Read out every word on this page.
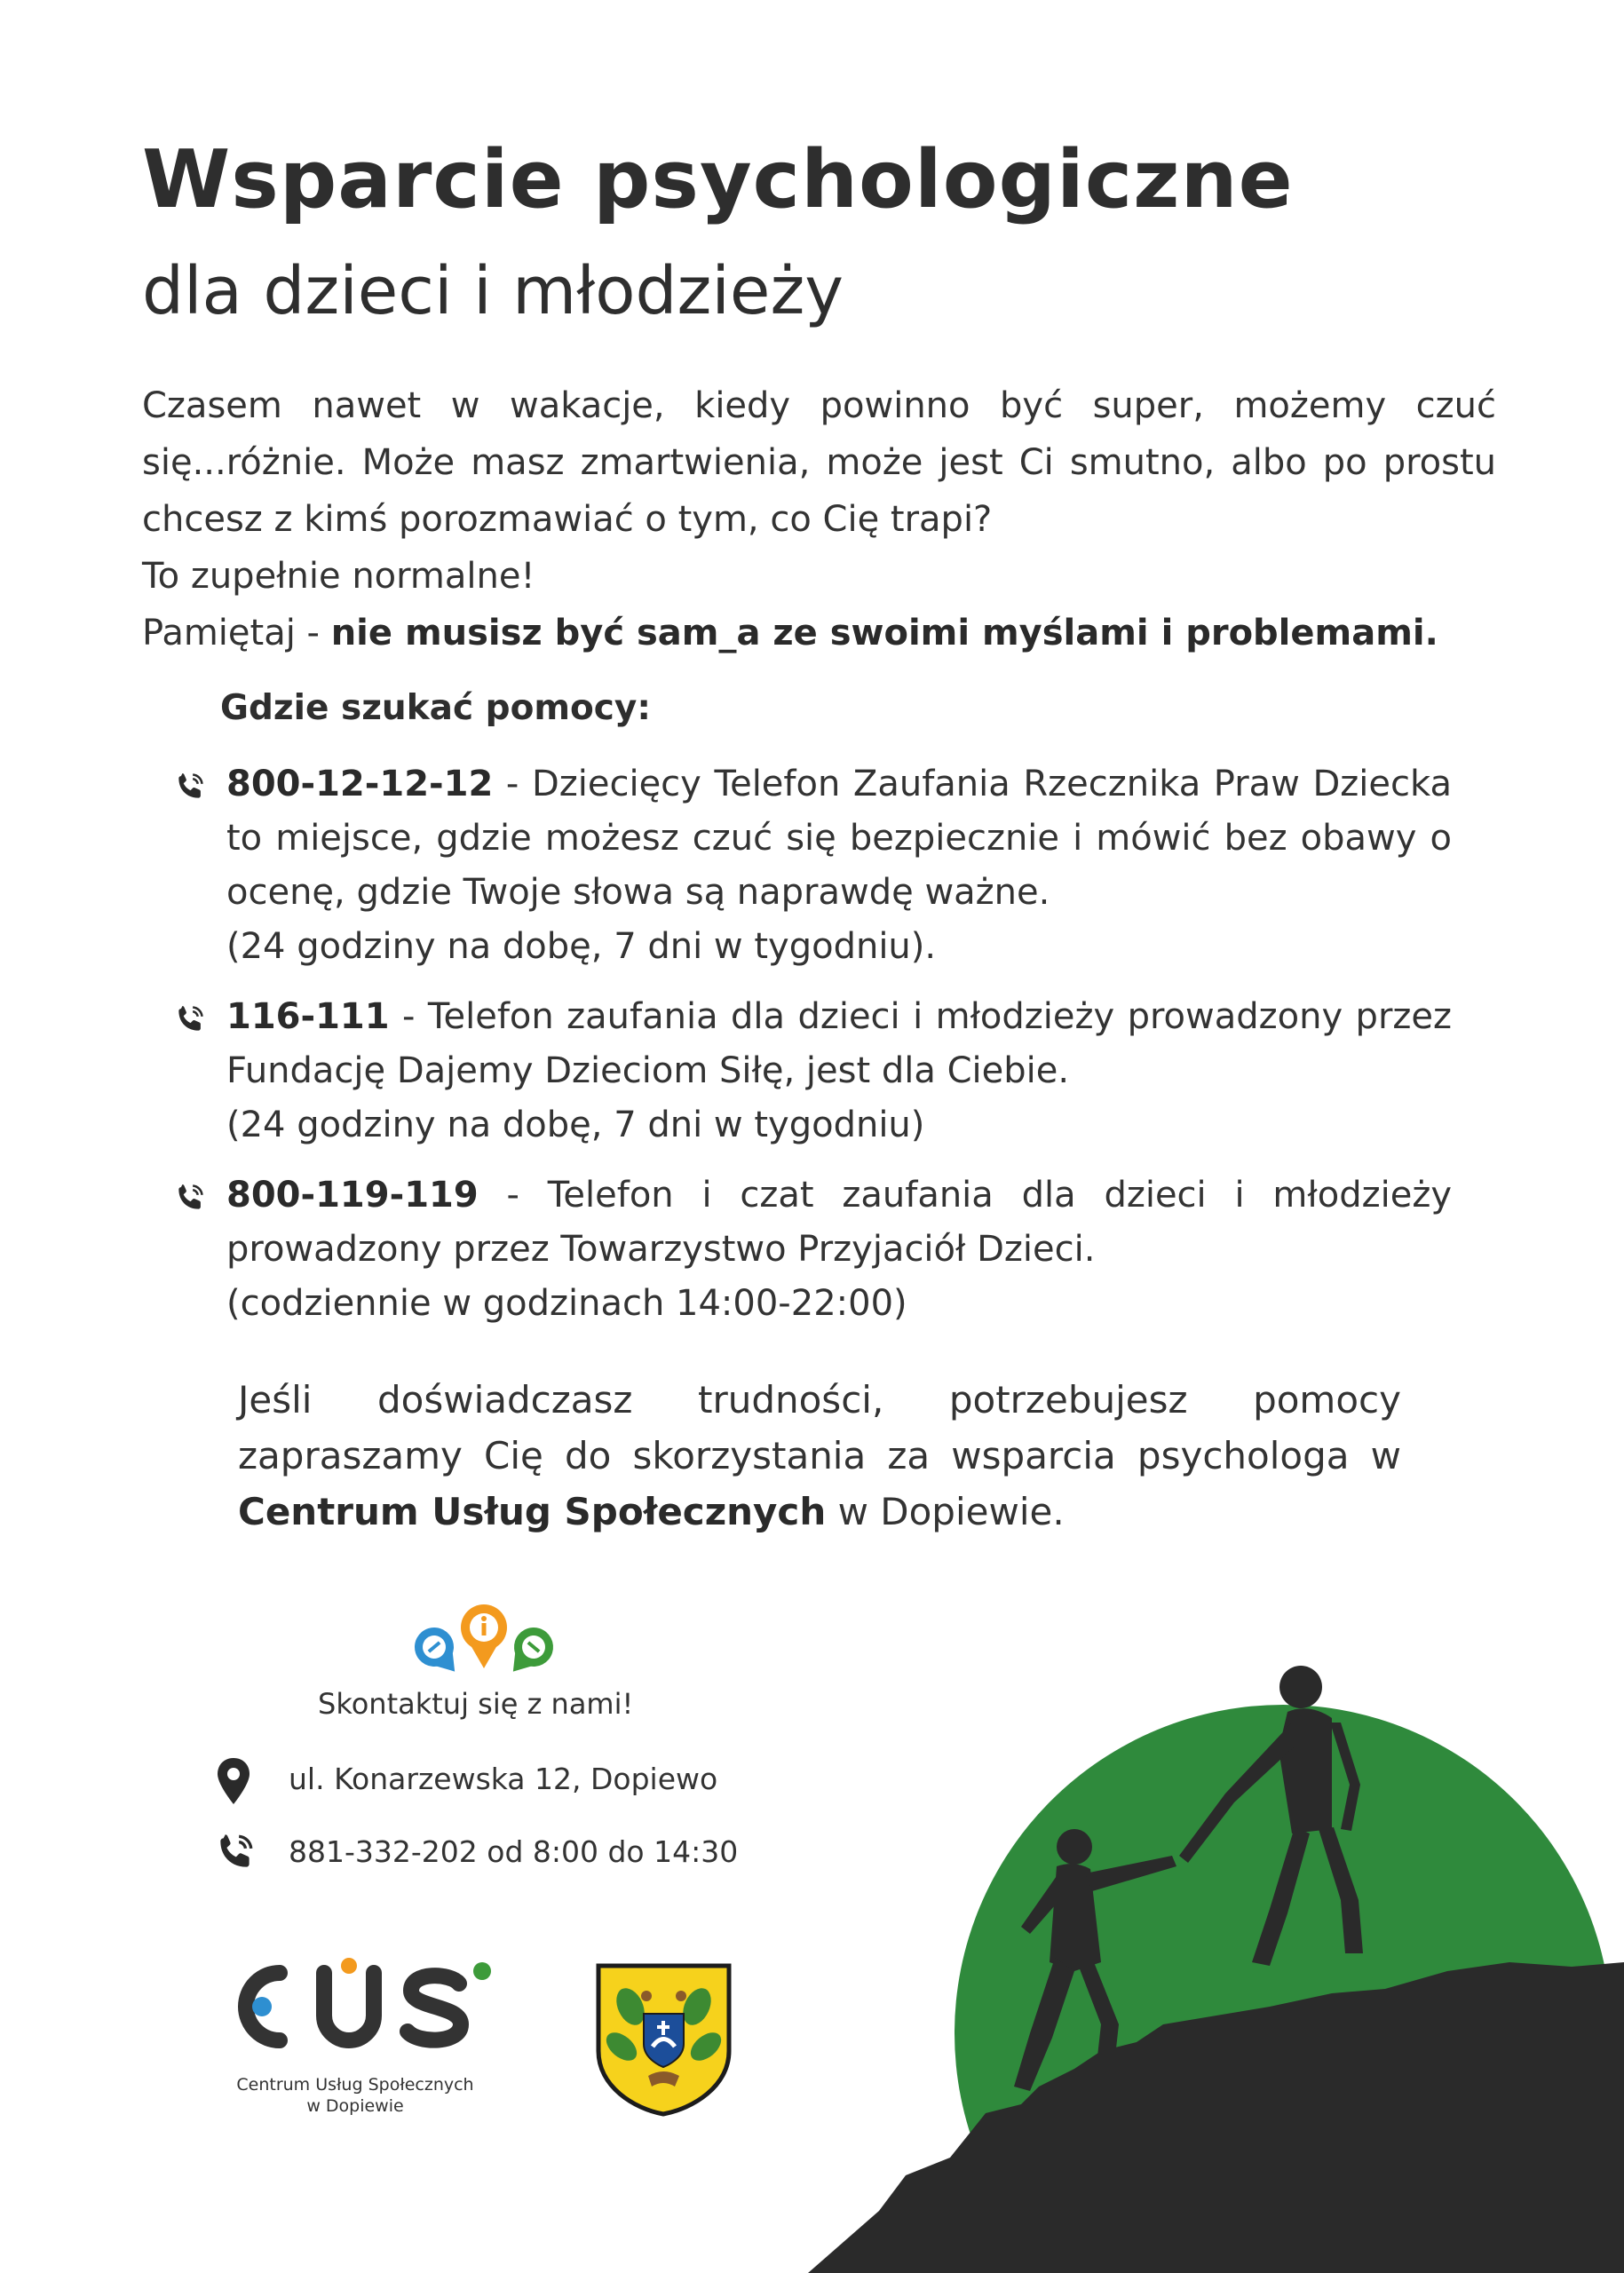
Wsparcie psychologiczne
dla dzieci i młodzieży

Czasem nawet w wakacje, kiedy powinno być super, możemy czuć się...różnie. Może masz zmartwienia, może jest Ci smutno, albo po prostu chcesz z kimś porozmawiać o tym, co Cię trapi?

To zupełnie normalne!

Pamiętaj - nie musisz być sam_a ze swoimi myślami i problemami.

Gdzie szukać pomocy:
800-12-12-12 - Dziecięcy Telefon Zaufania Rzecznika Praw Dziecka to miejsce, gdzie możesz czuć się bezpiecznie i mówić bez obawy o ocenę, gdzie Twoje słowa są naprawdę ważne.
(24 godziny na dobę, 7 dni w tygodniu).
116-111 - Telefon zaufania dla dzieci i młodzieży prowadzony przez Fundację Dajemy Dzieciom Siłę, jest dla Ciebie.
(24 godziny na dobę, 7 dni w tygodniu)
800-119-119 - Telefon i czat zaufania dla dzieci i młodzieży prowadzony przez Towarzystwo Przyjaciół Dzieci.
(codziennie w godzinach 14:00-22:00)
Jeśli doświadczasz trudności, potrzebujesz pomocy zapraszamy Cię do skorzystania za wsparcia psychologa w Centrum Usług Społecznych w Dopiewie.
Skontaktuj się z nami!
ul. Konarzewska 12, Dopiewo
881-332-202 od 8:00 do 14:30
Centrum Usług Społecznych
w Dopiewie
